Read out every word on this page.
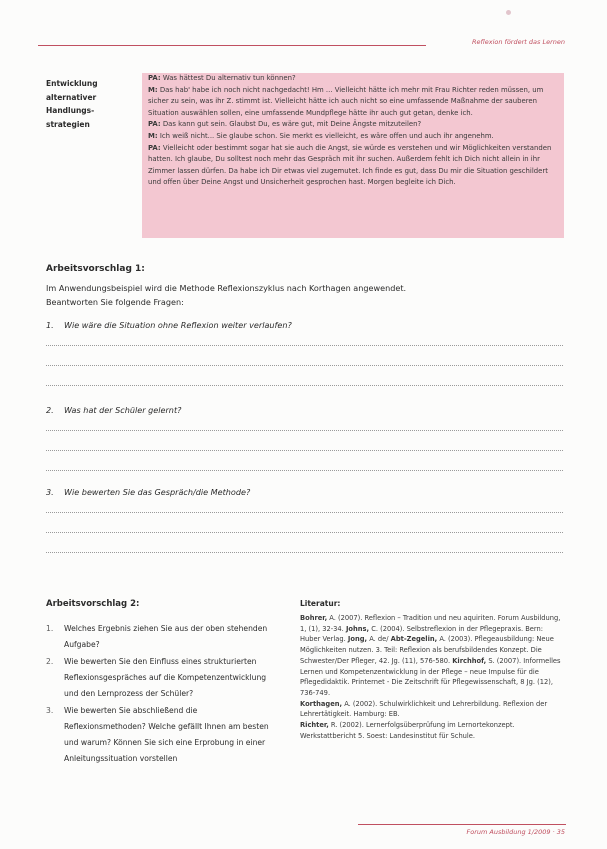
Reflexion fördert das Lernen
Entwicklung
alternativer
Handlungs-
strategien

PA: Was hättest Du alternativ tun können?

M: Das hab' habe ich noch nicht nachgedacht! Hm ... Vielleicht hätte ich mehr mit Frau Richter reden müssen, um sicher zu sein, was ihr Z. stimmt ist. Vielleicht hätte ich auch nicht so eine umfassende Maßnahme der sauberen Situation auswählen sollen, eine umfassende Mundpflege hätte ihr auch gut getan, denke ich.

PA: Das kann gut sein. Glaubst Du, es wäre gut, mit Deine Ängste mitzuteilen?

M: Ich weiß nicht... Sie glaube schon. Sie merkt es vielleicht, es wäre offen und auch ihr angenehm.

PA: Vielleicht oder bestimmt sogar hat sie auch die Angst, sie würde es verstehen und wir Möglichkeiten verstanden hatten. Ich glaube, Du solltest noch mehr das Gespräch mit ihr suchen. Außerdem fehlt ich Dich nicht allein in ihr Zimmer lassen dürfen. Da habe ich Dir etwas viel zugemutet. Ich finde es gut, dass Du mir die Situation geschildert und offen über Deine Angst und Unsicherheit gesprochen hast. Morgen begleite ich Dich.

Arbeitsvorschlag 1:
Im Anwendungsbeispiel wird die Methode Reflexionszyklus nach Korthagen angewendet. Beantworten Sie folgende Fragen:
1. Wie wäre die Situation ohne Reflexion weiter verlaufen?
2. Was hat der Schüler gelernt?
3. Wie bewerten Sie das Gespräch/die Methode?
Arbeitsvorschlag 2:
1. Welches Ergebnis ziehen Sie aus der oben stehenden Aufgabe?
2. Wie bewerten Sie den Einfluss eines strukturierten Reflexionsgespräches auf die Kompetenzentwicklung und den Lernprozess der Schüler?
3. Wie bewerten Sie abschließend die Reflexionsmethoden? Welche gefällt Ihnen am besten und warum? Können Sie sich eine Erprobung in einer Anleitungssituation vorstellen
Literatur:
Bohrer, A. (2007). Reflexion – Tradition und neu aquiriten. Forum Ausbildung, 1, (1), 32-34. Johns, C. (2004). Selbstreflexion in der Pflegepraxis. Bern: Huber Verlag. Jong, A. de/ Abt-Zegelin, A. (2003). Pflegeausbildung: Neue Möglichkeiten nutzen. 3. Teil: Reflexion als berufsbildendes Konzept. Die Schwester/Der Pfleger, 42. Jg. (11), 576-580. Kirchhof, S. (2007). Informelles Lernen und Kompetenzentwicklung in der Pflege – neue Impulse für die Pflegedidaktik. Printernet - Die Zeitschrift für Pflegewissenschaft, 8 Jg. (12), 736-749.
Korthagen, A. (2002). Schulwirklichkeit und Lehrerbildung. Reflexion der Lehrertätigkeit. Hamburg: EB.
Richter, R. (2002). Lernerfolgsüberprüfung im Lernortekonzept. Werkstattbericht 5. Soest: Landesinstitut für Schule.
Forum Ausbildung 1/2009 · 35
